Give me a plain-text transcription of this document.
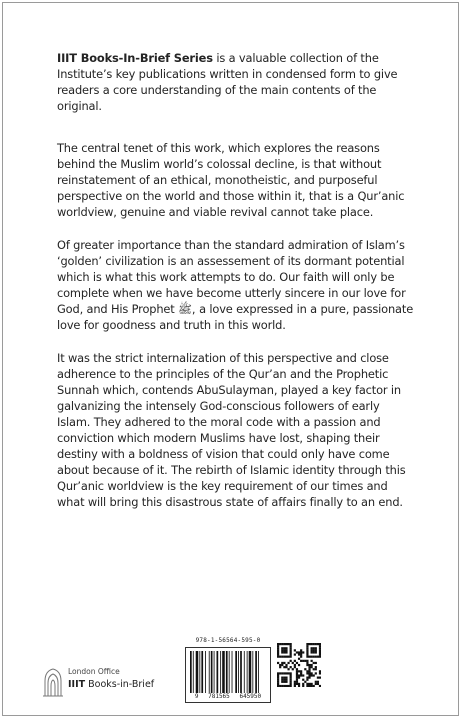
IIIT Books-In-Brief Series is a valuable collection of the Institute’s key publications written in condensed form to give readers a core understanding of the main contents of the original.

The central tenet of this work, which explores the reasons behind the Muslim world’s colossal decline, is that without reinstatement of an ethical, monotheistic, and purposeful perspective on the world and those within it, that is a Qur’anic worldview, genuine and viable revival cannot take place.

Of greater importance than the standard admiration of Islam’s ‘golden’ civilization is an assessement of its dormant potential which is what this work attempts to do. Our faith will only be complete when we have become utterly sincere in our love for God, and His Prophet ﷺ, a love expressed in a pure, passionate love for goodness and truth in this world.

It was the strict internalization of this perspective and close adherence to the principles of the Qur’an and the Prophetic Sunnah which, contends AbuSulayman, played a key factor in galvanizing the intensely God-conscious followers of early Islam. They adhered to the moral code with a passion and conviction which modern Muslims have lost, shaping their destiny with a boldness of vision that could only have come about because of it. The rebirth of Islamic identity through this Qur’anic worldview is the key requirement of our times and what will bring this disastrous state of affairs finally to an end.

London Office
IIIT Books-in-Brief
978-1-56564-595-0
9 781565 645950
